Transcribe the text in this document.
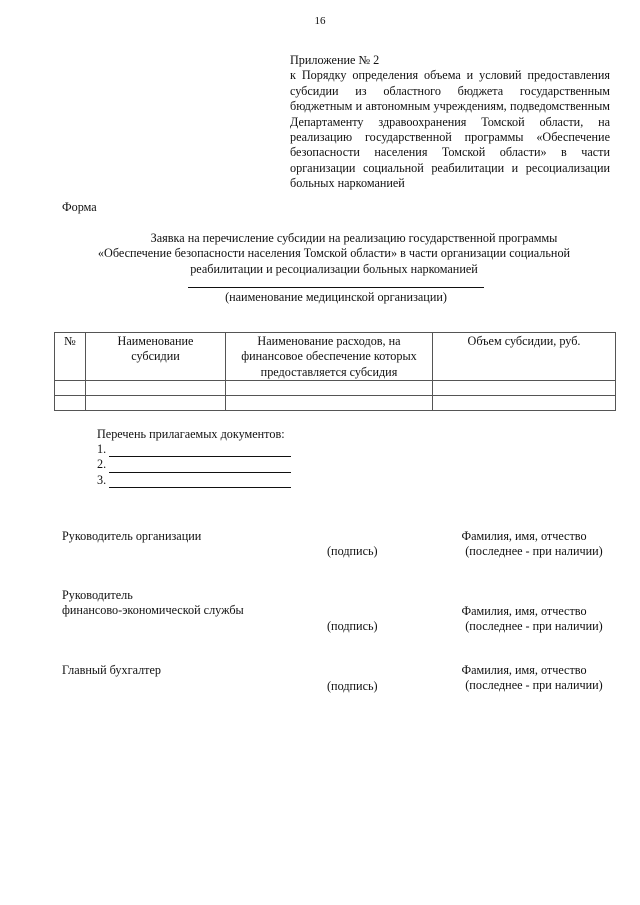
16
Приложение № 2
к Порядку определения объема и условий предоставления субсидии из областного бюджета государственным бюджетным и автономным учреждениям, подведомственным Департаменту здравоохранения Томской области, на реализацию государственной программы «Обеспечение безопасности населения Томской области» в части организации социальной реабилитации и ресоциализации больных наркоманией
Форма
Заявка на перечисление субсидии на реализацию государственной программы
«Обеспечение безопасности населения Томской области» в части организации социальной
реабилитации и ресоциализации больных наркоманией
(наименование медицинской организации)
№	Наименование субсидии	Наименование расходов, на финансовое обеспечение которых предоставляется субсидия	Объем субсидии, руб.

Перечень прилагаемых документов:
1.
2.
3.
Руководитель организации
(подпись)
Фамилия, имя, отчество
(последнее - при наличии)
Руководитель
финансово-экономической службы
(подпись)
Фамилия, имя, отчество
(последнее - при наличии)
Главный бухгалтер
(подпись)
Фамилия, имя, отчество
(последнее - при наличии)
